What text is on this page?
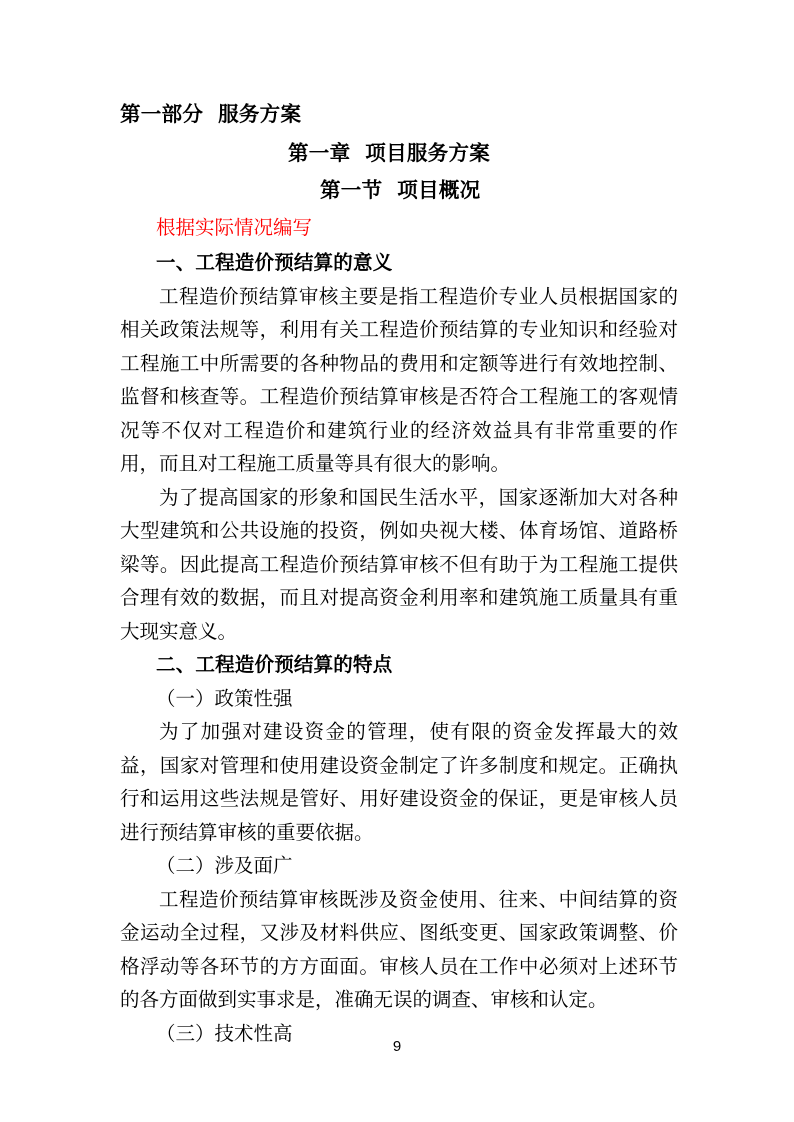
第一部分  服务方案
第一章  项目服务方案
第一节  项目概况
根据实际情况编写
一、工程造价预结算的意义

工程造价预结算审核主要是指工程造价专业人员根据国家的相关政策法规等，利用有关工程造价预结算的专业知识和经验对工程施工中所需要的各种物品的费用和定额等进行有效地控制、监督和核查等。工程造价预结算审核是否符合工程施工的客观情况等不仅对工程造价和建筑行业的经济效益具有非常重要的作用，而且对工程施工质量等具有很大的影响。

为了提高国家的形象和国民生活水平，国家逐渐加大对各种大型建筑和公共设施的投资，例如央视大楼、体育场馆、道路桥梁等。因此提高工程造价预结算审核不但有助于为工程施工提供合理有效的数据，而且对提高资金利用率和建筑施工质量具有重大现实意义。

二、工程造价预结算的特点
（一）政策性强

为了加强对建设资金的管理，使有限的资金发挥最大的效益，国家对管理和使用建设资金制定了许多制度和规定。正确执行和运用这些法规是管好、用好建设资金的保证，更是审核人员进行预结算审核的重要依据。

（二）涉及面广

工程造价预结算审核既涉及资金使用、往来、中间结算的资金运动全过程，又涉及材料供应、图纸变更、国家政策调整、价格浮动等各环节的方方面面。审核人员在工作中必须对上述环节的各方面做到实事求是，准确无误的调查、审核和认定。

（三）技术性高
9
